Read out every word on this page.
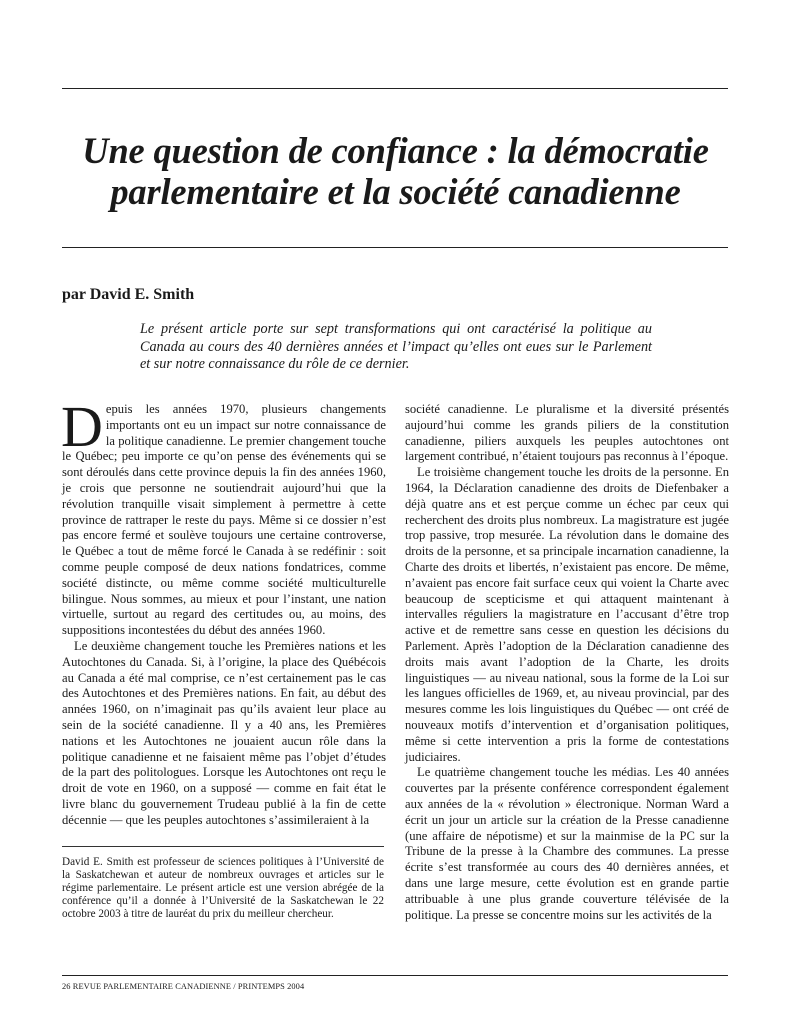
Une question de confiance : la démocratie
parlementaire et la société canadienne

par David E. Smith

Le présent article porte sur sept transformations qui ont caractérisé la politique au Canada au cours des 40 dernières années et l’impact qu’elles ont eues sur le Parlement et sur notre connaissance du rôle de ce dernier.

Depuis les années 1970, plusieurs changements importants ont eu un impact sur notre connaissance de la politique canadienne. Le premier changement touche le Québec; peu importe ce qu’on pense des événements qui se sont déroulés dans cette province depuis la fin des années 1960, je crois que personne ne soutiendrait aujourd’hui que la révolution tranquille visait simplement à permettre à cette province de rattraper le reste du pays. Même si ce dossier n’est pas encore fermé et soulève toujours une certaine controverse, le Québec a tout de même forcé le Canada à se redéfinir : soit comme peuple composé de deux nations fondatrices, comme société distincte, ou même comme société multiculturelle bilingue. Nous sommes, au mieux et pour l’instant, une nation virtuelle, surtout au regard des certitudes ou, au moins, des suppositions incontestées du début des années 1960.

Le deuxième changement touche les Premières nations et les Autochtones du Canada. Si, à l’origine, la place des Québécois au Canada a été mal comprise, ce n’est certainement pas le cas des Autochtones et des Premières nations. En fait, au début des années 1960, on n’imaginait pas qu’ils avaient leur place au sein de la société canadienne. Il y a 40 ans, les Premières nations et les Autochtones ne jouaient aucun rôle dans la politique canadienne et ne faisaient même pas l’objet d’études de la part des politologues. Lorsque les Autochtones ont reçu le droit de vote en 1960, on a supposé — comme en fait état le livre blanc du gouvernement Trudeau publié à la fin de cette décennie — que les peuples autochtones s’assimileraient à la

société canadienne. Le pluralisme et la diversité présentés aujourd’hui comme les grands piliers de la constitution canadienne, piliers auxquels les peuples autochtones ont largement contribué, n’étaient toujours pas reconnus à l’époque.

Le troisième changement touche les droits de la personne. En 1964, la Déclaration canadienne des droits de Diefenbaker a déjà quatre ans et est perçue comme un échec par ceux qui recherchent des droits plus nombreux. La magistrature est jugée trop passive, trop mesurée. La révolution dans le domaine des droits de la personne, et sa principale incarnation canadienne, la Charte des droits et libertés, n’existaient pas encore. De même, n’avaient pas encore fait surface ceux qui voient la Charte avec beaucoup de scepticisme et qui attaquent maintenant à intervalles réguliers la magistrature en l’accusant d’être trop active et de remettre sans cesse en question les décisions du Parlement. Après l’adoption de la Déclaration canadienne des droits mais avant l’adoption de la Charte, les droits linguistiques — au niveau national, sous la forme de la Loi sur les langues officielles de 1969, et, au niveau provincial, par des mesures comme les lois linguistiques du Québec — ont créé de nouveaux motifs d’intervention et d’organisation politiques, même si cette intervention a pris la forme de contestations judiciaires.

Le quatrième changement touche les médias. Les 40 années couvertes par la présente conférence correspondent également aux années de la « révolution » électronique. Norman Ward a écrit un jour un article sur la création de la Presse canadienne (une affaire de népotisme) et sur la mainmise de la PC sur la Tribune de la presse à la Chambre des communes. La presse écrite s’est transformée au cours des 40 dernières années, et dans une large mesure, cette évolution est en grande partie attribuable à une plus grande couverture télévisée de la politique. La presse se concentre moins sur les activités de la

David E. Smith est professeur de sciences politiques à l’Université de la Saskatchewan et auteur de nombreux ouvrages et articles sur le régime parlementaire. Le présent article est une version abrégée de la conférence qu’il a donnée à l’Université de la Saskatchewan le 22 octobre 2003 à titre de lauréat du prix du meilleur chercheur.

26 REVUE PARLEMENTAIRE CANADIENNE / PRINTEMPS 2004
